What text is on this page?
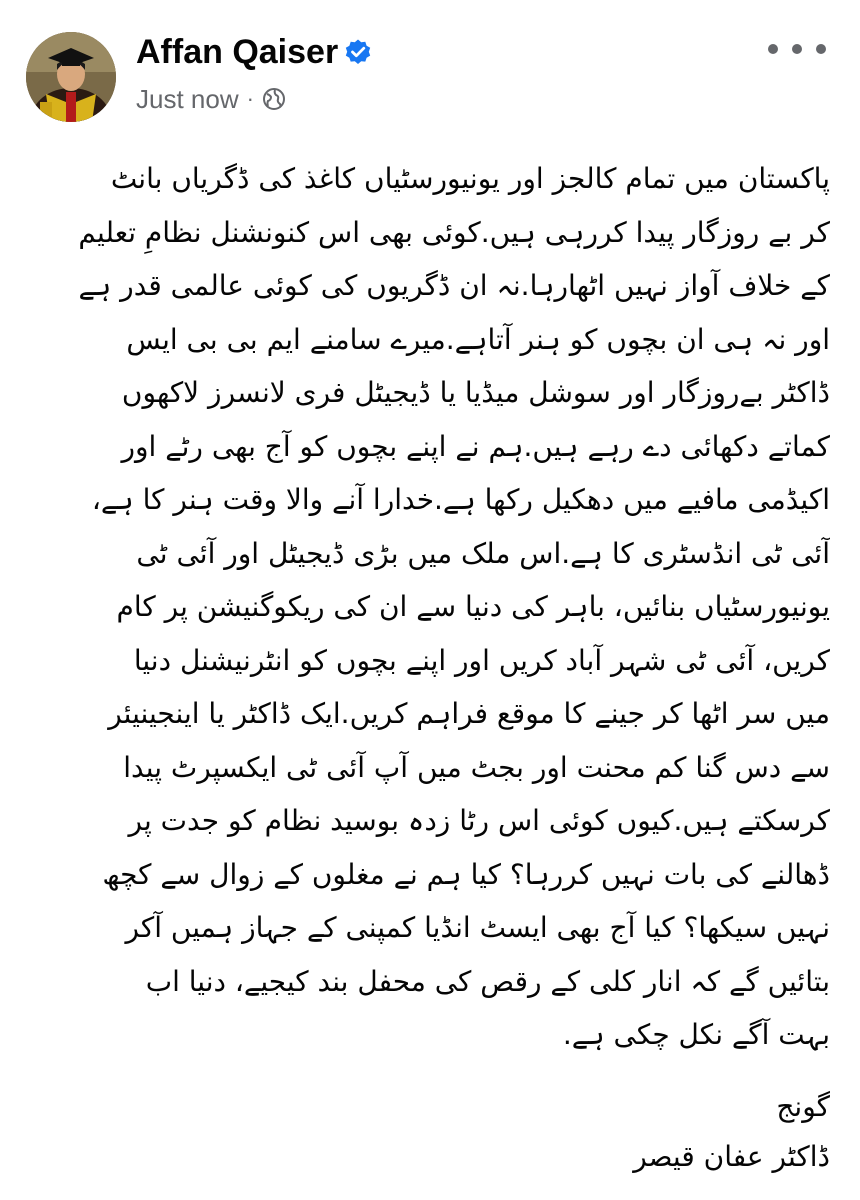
Affan Qaiser
Just now ·
پاکستان میں تمام کالجز اور یونیورسٹیاں کاغذ کی ڈگریاں بانٹ
کر بے روزگار پیدا کررہی ہیں.کوئی بھی اس کنونشنل نظامِ تعلیم
کے خلاف آواز نہیں اٹھارہا.نہ ان ڈگریوں کی کوئی عالمی قدر ہے
اور نہ ہی ان بچوں کو ہنر آتاہے.میرے سامنے ایم بی بی ایس
ڈاکٹر بےروزگار اور سوشل میڈیا یا ڈیجیٹل فری لانسرز لاکھوں
کماتے دکھائی دے رہے ہیں.ہم نے اپنے بچوں کو آج بھی رٹے اور
اکیڈمی مافیے میں دھکیل رکھا ہے.خدارا آنے والا وقت ہنر کا ہے،
آئی ٹی انڈسٹری کا ہے.اس ملک میں بڑی ڈیجیٹل اور آئی ٹی
یونیورسٹیاں بنائیں، باہر کی دنیا سے ان کی ریکوگنیشن پر کام
کریں، آئی ٹی شہر آباد کریں اور اپنے بچوں کو انٹرنیشنل دنیا
میں سر اٹھا کر جینے کا موقع فراہم کریں.ایک ڈاکٹر یا اینجینیئر
سے دس گنا کم محنت اور بجٹ میں آپ آئی ٹی ایکسپرٹ پیدا
کرسکتے ہیں.کیوں کوئی اس رٹا زدہ بوسید نظام کو جدت پر
ڈھالنے کی بات نہیں کررہا؟ کیا ہم نے مغلوں کے زوال سے کچھ
نہیں سیکھا؟ کیا آج بھی ایسٹ انڈیا کمپنی کے جہاز ہمیں آکر
بتائیں گے کہ انار کلی کے رقص کی محفل بند کیجیے، دنیا اب
بہت آگے نکل چکی ہے.
گونج
ڈاکٹر عفان قیصر
